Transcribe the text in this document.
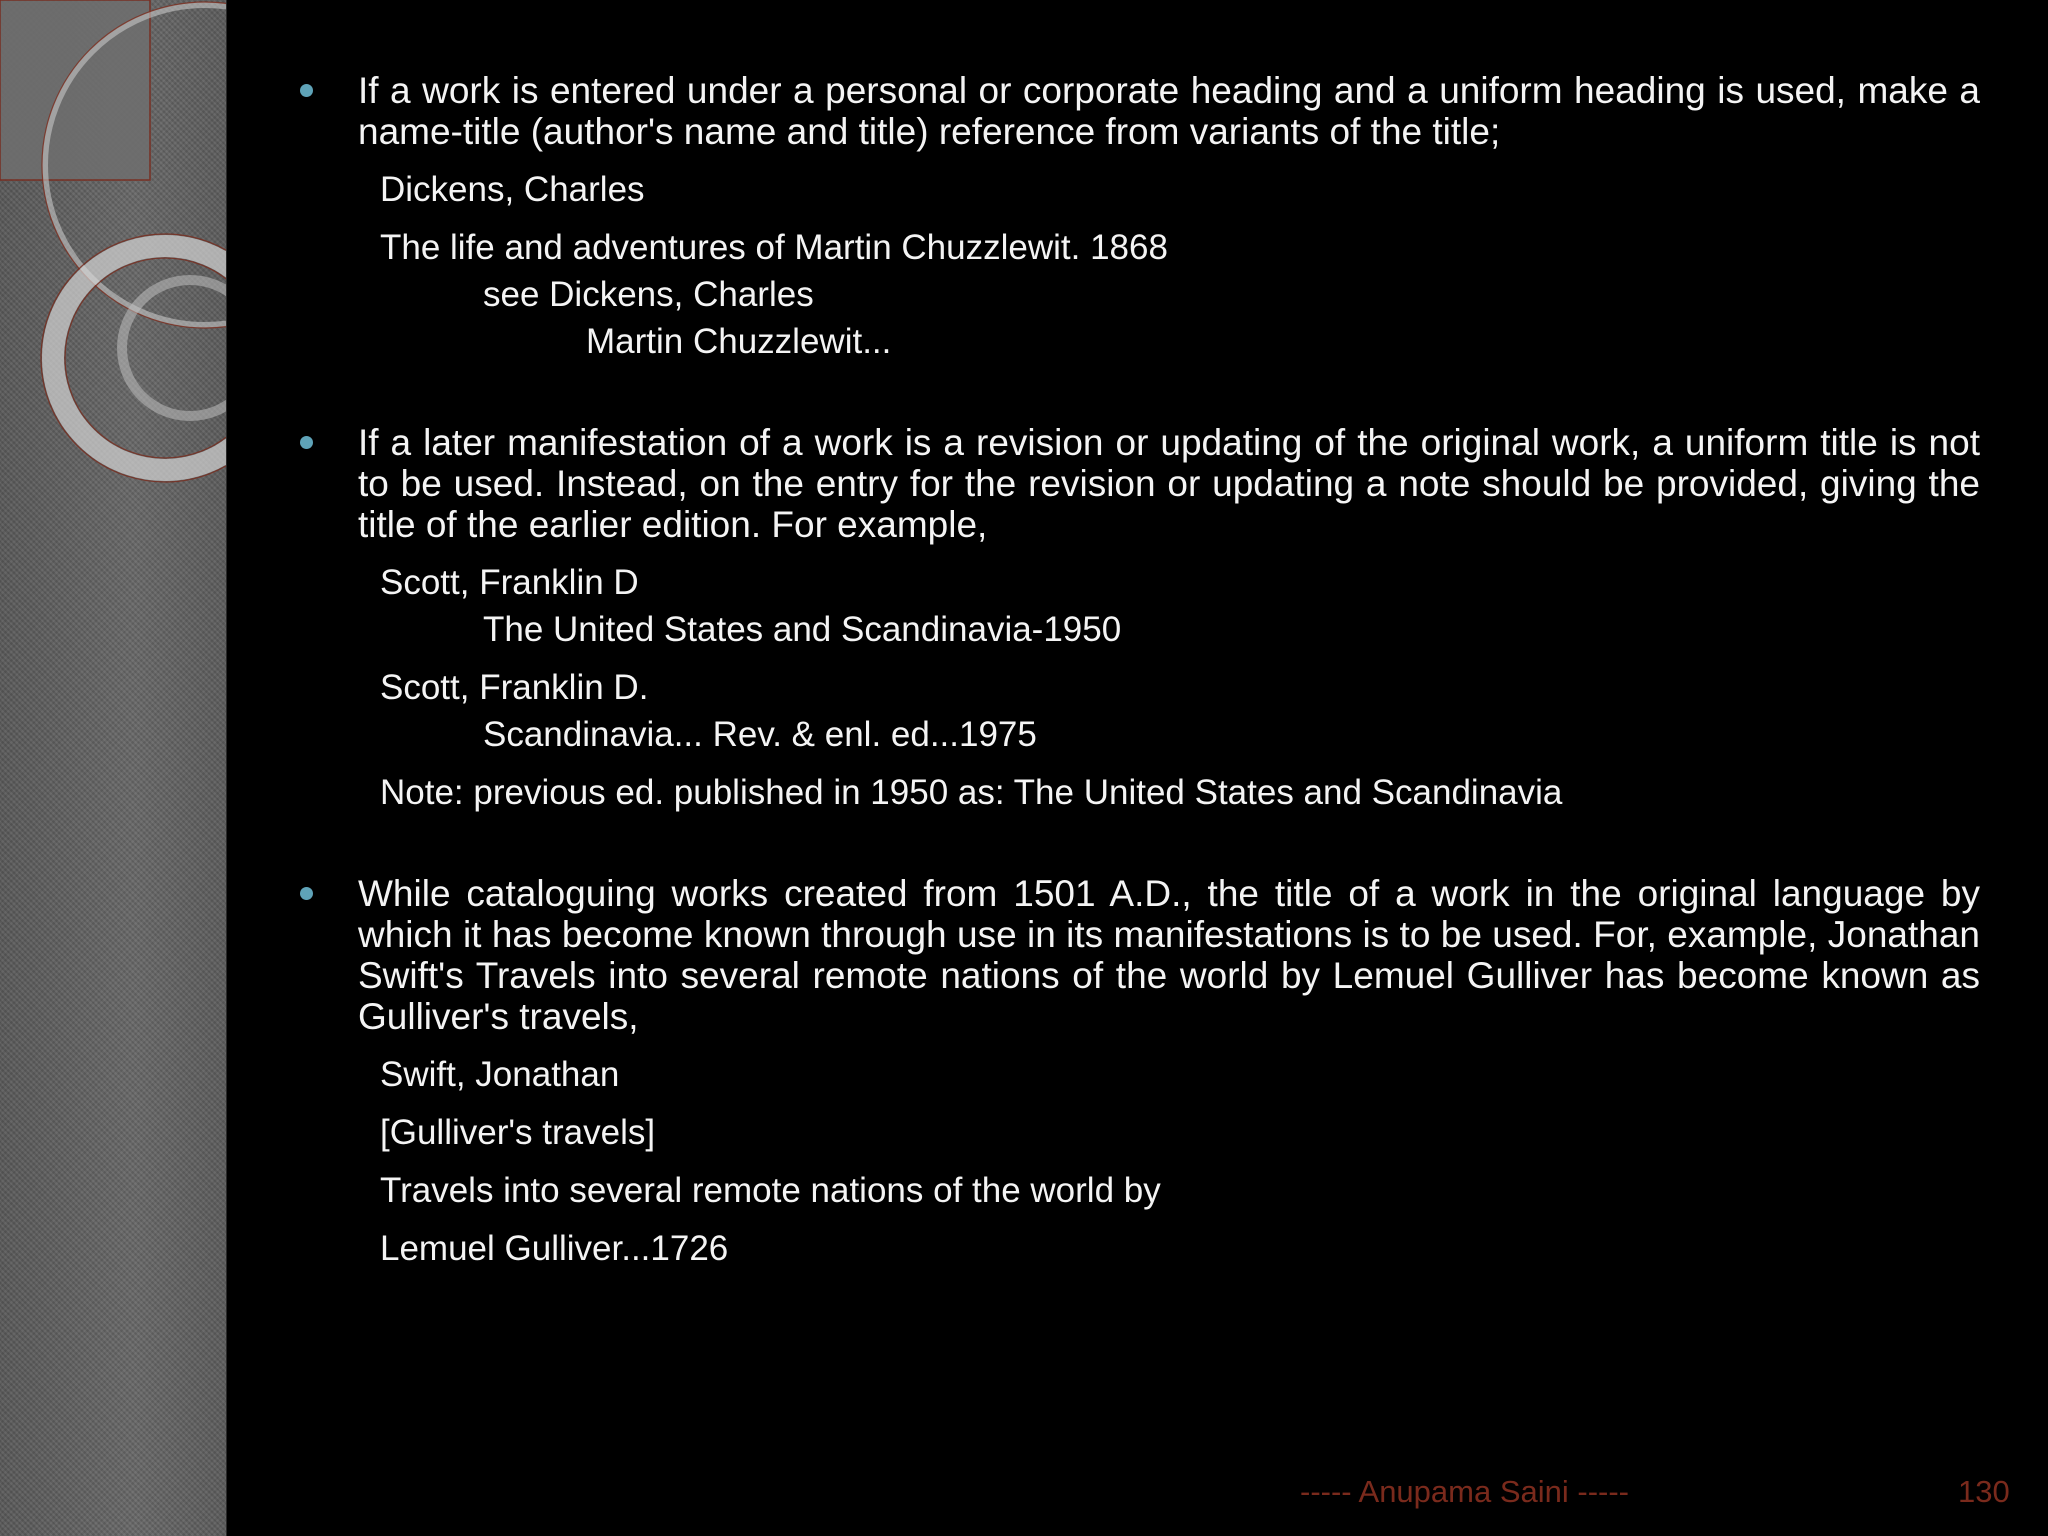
If a work is entered under a personal or corporate heading and a uniform heading is used, make a name-title (author's name and title) reference from variants of the title;
Dickens, Charles
The life and adventures of Martin Chuzzlewit. 1868
see Dickens, Charles
Martin Chuzzlewit...
If a later manifestation of a work is a revision or updating of the original work, a uniform title is not to be used. Instead, on the entry for the revision or updating a note should be provided, giving the title of the earlier edition. For example,
Scott, Franklin D
The United States and Scandinavia-1950
Scott, Franklin D.
Scandinavia... Rev. & enl. ed...1975
Note: previous ed. published in 1950 as: The United States and Scandinavia
While cataloguing works created from 1501 A.D., the title of a work in the original language by which it has become known through use in its manifestations is to be used. For, example, Jonathan Swift's Travels into several remote nations of the world by Lemuel Gulliver has become known as Gulliver's travels,
Swift, Jonathan
[Gulliver's travels]
Travels into several remote nations of the world by
Lemuel Gulliver...1726
----- Anupama Saini -----	130
